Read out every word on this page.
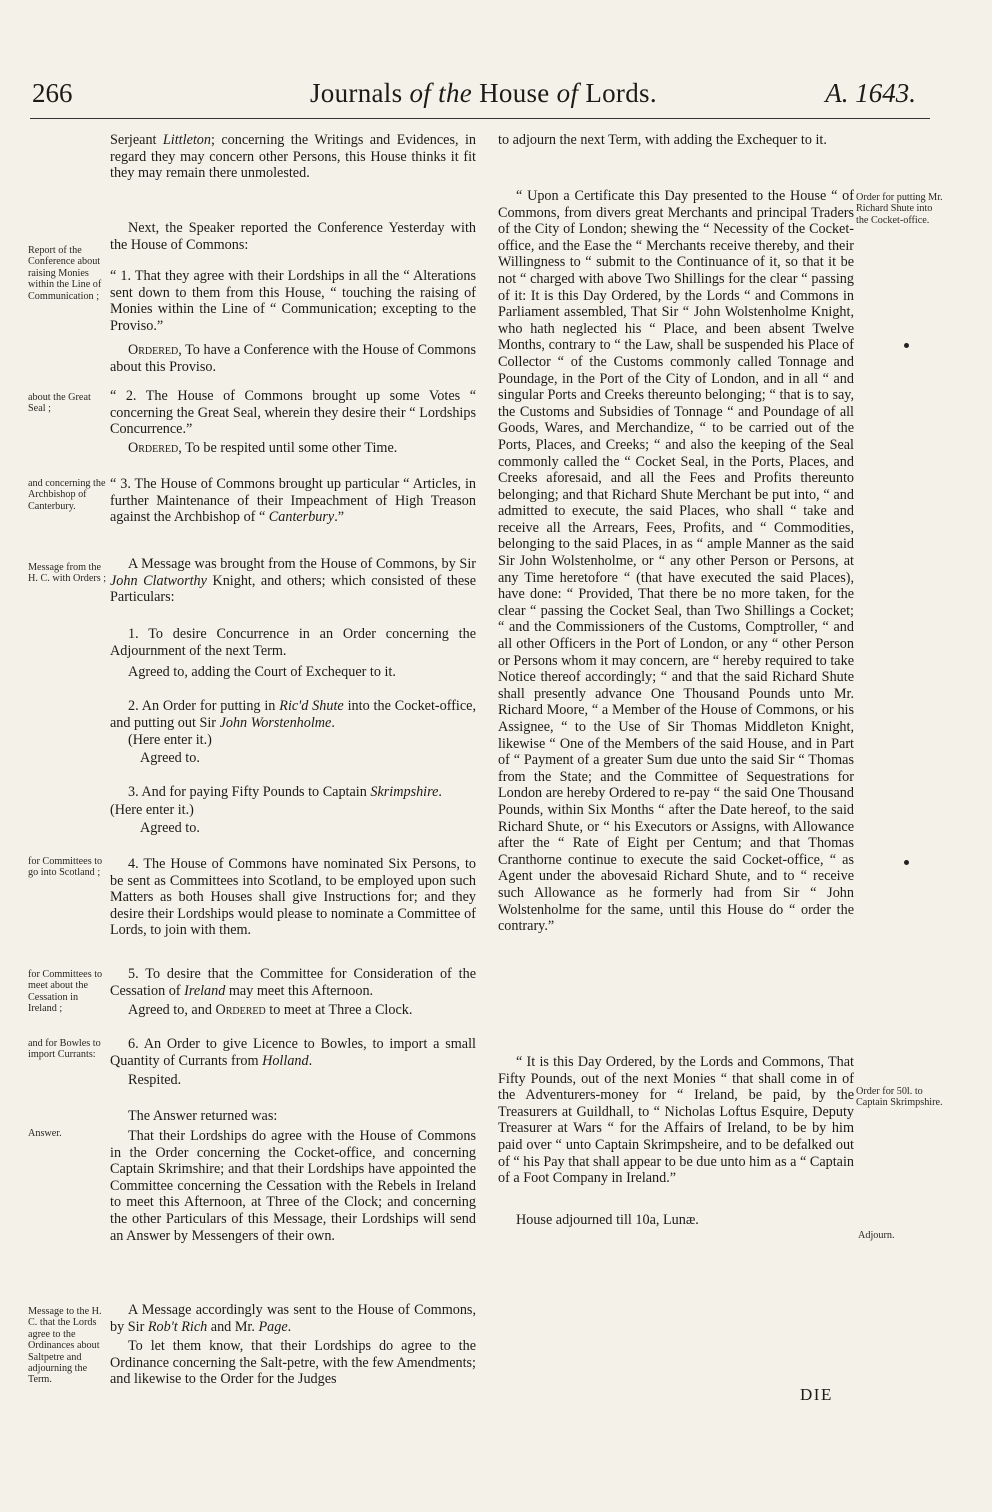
266	Journals of the House of Lords.	A. 1643.
Report of the Conference about raising Monies within the Line of Communication ;
about the Great Seal ;
and concerning the Archbishop of Canterbury.
Message from the H. C. with Orders ;
for Committees to go into Scotland ;
for Committees to meet about the Cessation in Ireland ;
and for Bowles to import Currants:
Answer.
Message to the H. C. that the Lords agree to the Ordinances about Saltpetre and adjourning the Term.
Order for putting Mr. Richard Shute into the Cocket-office.
Order for 50l. to Captain Skrimpshire.
Adjourn.

Serjeant Littleton; concerning the Writings and Evidences, in regard they may concern other Persons, this House thinks it fit they may remain there unmolested.

Next, the Speaker reported the Conference Yesterday with the House of Commons:

“ 1. That they agree with their Lordships in all the “ Alterations sent down to them from this House, “ touching the raising of Monies within the Line of “ Communication; excepting to the Proviso.”

Ordered, To have a Conference with the House of Commons about this Proviso.

“ 2. The House of Commons brought up some Votes “ concerning the Great Seal, wherein they desire their “ Lordships Concurrence.”

Ordered, To be respited until some other Time.

“ 3. The House of Commons brought up particular “ Articles, in further Maintenance of their Impeachment of High Treason against the Archbishop of “ Canterbury.”

A Message was brought from the House of Commons, by Sir John Clatworthy Knight, and others; which consisted of these Particulars:

1. To desire Concurrence in an Order concerning the Adjournment of the next Term.

Agreed to, adding the Court of Exchequer to it.

2. An Order for putting in Ric'd Shute into the Cocket-office, and putting out Sir John Worstenholme.

(Here enter it.)

Agreed to.

3. And for paying Fifty Pounds to Captain Skrimpshire.

(Here enter it.)

Agreed to.

4. The House of Commons have nominated Six Persons, to be sent as Committees into Scotland, to be employed upon such Matters as both Houses shall give Instructions for; and they desire their Lordships would please to nominate a Committee of Lords, to join with them.

5. To desire that the Committee for Consideration of the Cessation of Ireland may meet this Afternoon.

Agreed to, and Ordered to meet at Three a Clock.

6. An Order to give Licence to Bowles, to import a small Quantity of Currants from Holland.

Respited.

The Answer returned was:

That their Lordships do agree with the House of Commons in the Order concerning the Cocket-office, and concerning Captain Skrimshire; and that their Lordships have appointed the Committee concerning the Cessation with the Rebels in Ireland to meet this Afternoon, at Three of the Clock; and concerning the other Particulars of this Message, their Lordships will send an Answer by Messengers of their own.

A Message accordingly was sent to the House of Commons, by Sir Rob't Rich and Mr. Page.

To let them know, that their Lordships do agree to the Ordinance concerning the Salt-petre, with the few Amendments; and likewise to the Order for the Judges

to adjourn the next Term, with adding the Exchequer to it.

“ Upon a Certificate this Day presented to the House “ of Commons, from divers great Merchants and principal Traders of the City of London; shewing the “ Necessity of the Cocket-office, and the Ease the “ Merchants receive thereby, and their Willingness to “ submit to the Continuance of it, so that it be not “ charged with above Two Shillings for the clear “ passing of it: It is this Day Ordered, by the Lords “ and Commons in Parliament assembled, That Sir “ John Wolstenholme Knight, who hath neglected his “ Place, and been absent Twelve Months, contrary to “ the Law, shall be suspended his Place of Collector “ of the Customs commonly called Tonnage and Poundage, in the Port of the City of London, and in all “ and singular Ports and Creeks thereunto belonging; “ that is to say, the Customs and Subsidies of Tonnage “ and Poundage of all Goods, Wares, and Merchandize, “ to be carried out of the Ports, Places, and Creeks; “ and also the keeping of the Seal commonly called the “ Cocket Seal, in the Ports, Places, and Creeks aforesaid, and all the Fees and Profits thereunto belonging; and that Richard Shute Merchant be put into, “ and admitted to execute, the said Places, who shall “ take and receive all the Arrears, Fees, Profits, and “ Commodities, belonging to the said Places, in as “ ample Manner as the said Sir John Wolstenholme, or “ any other Person or Persons, at any Time heretofore “ (that have executed the said Places), have done: “ Provided, That there be no more taken, for the clear “ passing the Cocket Seal, than Two Shillings a Cocket; “ and the Commissioners of the Customs, Comptroller, “ and all other Officers in the Port of London, or any “ other Person or Persons whom it may concern, are “ hereby required to take Notice thereof accordingly; “ and that the said Richard Shute shall presently advance One Thousand Pounds unto Mr. Richard Moore, “ a Member of the House of Commons, or his Assignee, “ to the Use of Sir Thomas Middleton Knight, likewise “ One of the Members of the said House, and in Part of “ Payment of a greater Sum due unto the said Sir “ Thomas from the State; and the Committee of Sequestrations for London are hereby Ordered to re-pay “ the said One Thousand Pounds, within Six Months “ after the Date hereof, to the said Richard Shute, or “ his Executors or Assigns, with Allowance after the “ Rate of Eight per Centum; and that Thomas Cranthorne continue to execute the said Cocket-office, “ as Agent under the abovesaid Richard Shute, and to “ receive such Allowance as he formerly had from Sir “ John Wolstenholme for the same, until this House do “ order the contrary.”

“ It is this Day Ordered, by the Lords and Commons, That Fifty Pounds, out of the next Monies “ that shall come in of the Adventurers-money for “ Ireland, be paid, by the Treasurers at Guildhall, to “ Nicholas Loftus Esquire, Deputy Treasurer at Wars “ for the Affairs of Ireland, to be by him paid over “ unto Captain Skrimpsheire, and to be defalked out of “ his Pay that shall appear to be due unto him as a “ Captain of a Foot Company in Ireland.”

House adjourned till 10a, Lunæ.

DIE
